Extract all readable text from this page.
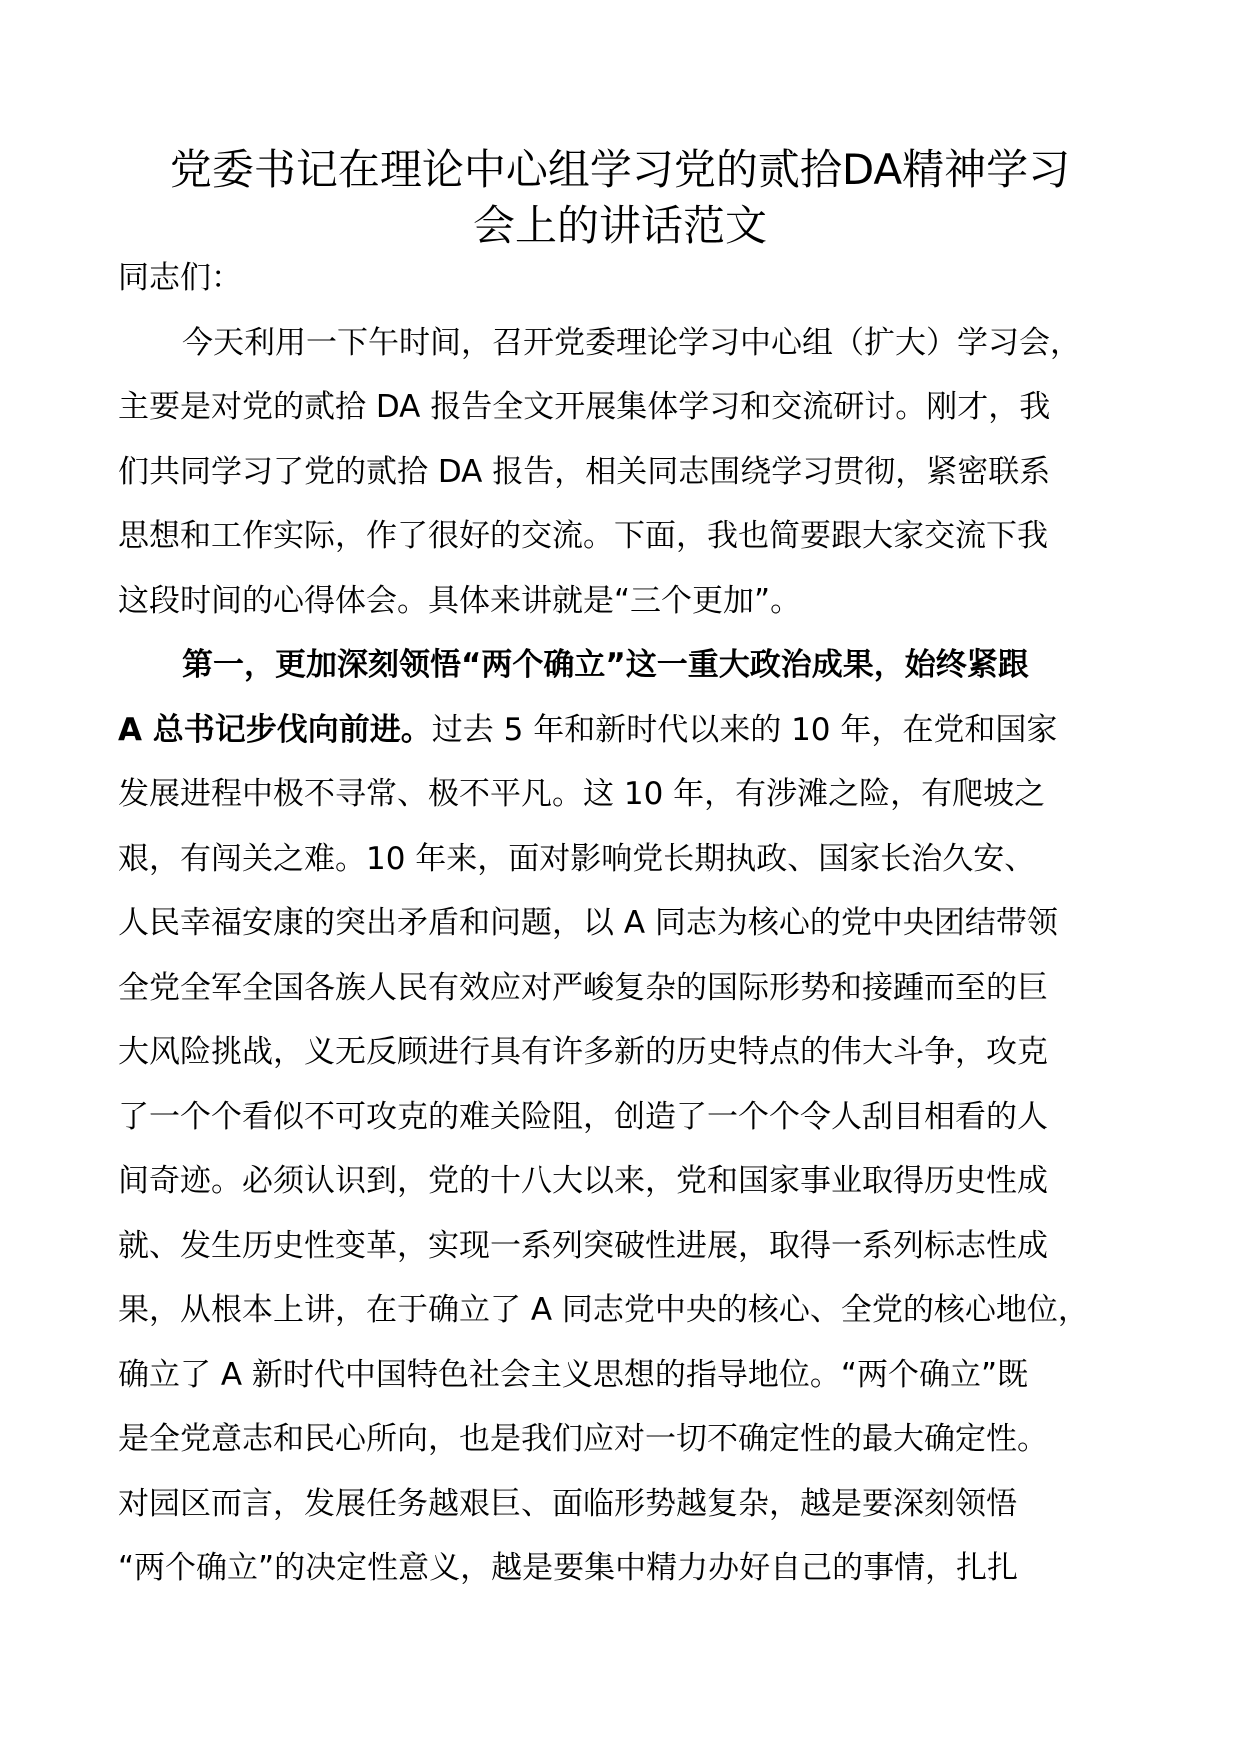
党委书记在理论中心组学习党的贰拾DA精神学习
会上的讲话范文
同志们：
今天利用一下午时间，召开党委理论学习中心组（扩大）学习会，
主要是对党的贰拾 DA 报告全文开展集体学习和交流研讨。刚才，我
们共同学习了党的贰拾 DA 报告，相关同志围绕学习贯彻，紧密联系
思想和工作实际，作了很好的交流。下面，我也简要跟大家交流下我
这段时间的心得体会。具体来讲就是“三个更加”。
第一，更加深刻领悟“两个确立”这一重大政治成果，始终紧跟
A 总书记步伐向前进。过去 5 年和新时代以来的 10 年，在党和国家
发展进程中极不寻常、极不平凡。这 10 年，有涉滩之险，有爬坡之
艰，有闯关之难。10 年来，面对影响党长期执政、国家长治久安、
人民幸福安康的突出矛盾和问题，以 A 同志为核心的党中央团结带领
全党全军全国各族人民有效应对严峻复杂的国际形势和接踵而至的巨
大风险挑战，义无反顾进行具有许多新的历史特点的伟大斗争，攻克
了一个个看似不可攻克的难关险阻，创造了一个个令人刮目相看的人
间奇迹。必须认识到，党的十八大以来，党和国家事业取得历史性成
就、发生历史性变革，实现一系列突破性进展，取得一系列标志性成
果，从根本上讲，在于确立了 A 同志党中央的核心、全党的核心地位，
确立了 A 新时代中国特色社会主义思想的指导地位。“两个确立”既
是全党意志和民心所向，也是我们应对一切不确定性的最大确定性。
对园区而言，发展任务越艰巨、面临形势越复杂，越是要深刻领悟
“两个确立”的决定性意义，越是要集中精力办好自己的事情，扎扎
